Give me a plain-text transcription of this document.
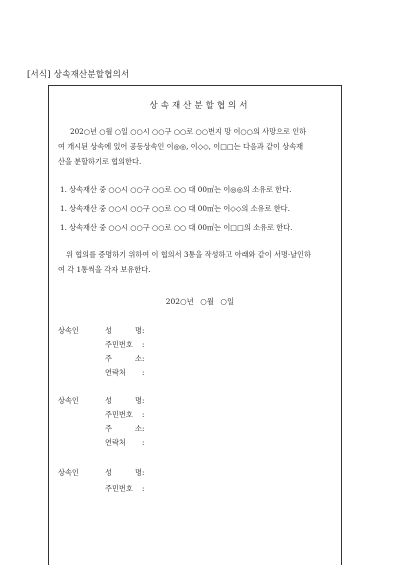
[서식] 상속재산분할협의서
상속재산분할협의서
202○년 ○월 ○일 ○○시 ○○구 ○○로 ○○번지 망 이○○의 사망으로 인하
여 개시된 상속에 있어 공동상속인 이◎◎, 이◇◇, 이□□는 다음과 같이 상속재
산을 분할하기로 협의한다.
1. 상속재산 중 ○○시 ○○구 ○○로 ○○ 대 00㎡는 이◎◎의 소유로 한다.
1. 상속재산 중 ○○시 ○○구 ○○로 ○○ 대 00㎡는 이◇◇의 소유로 한다.
1. 상속재산 중 ○○시 ○○구 ○○로 ○○ 대 00㎡는 이□□의 소유로 한다.
위 협의를 증명하기 위하여 이 협의서 3통을 작성하고 아래와 같이 서명·날인하
여 각 1통씩을 각자 보유한다.
202○년 ○월 ○일
상속인	성 명 :
주민번호	:
주 소 :
연락처	:
상속인	성 명 :
주민번호	:
주 소 :
연락처	:
상속인	성 명 :
주민번호	:
